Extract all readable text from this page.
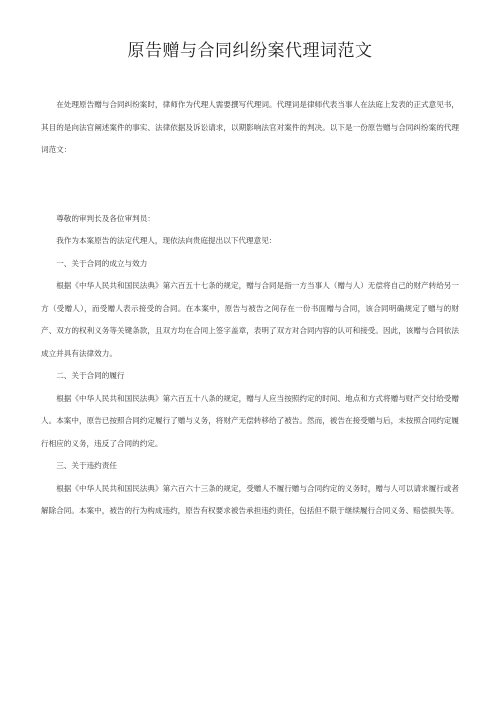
原告赠与合同纠纷案代理词范文

在处理原告赠与合同纠纷案时，律师作为代理人需要撰写代理词。代理词是律师代表当事人在法庭上发表的正式意见书，其目的是向法官阐述案件的事实、法律依据及诉讼请求，以期影响法官对案件的判决。以下是一份原告赠与合同纠纷案的代理词范文：

尊敬的审判长及各位审判员：

我作为本案原告的法定代理人，现依法向贵庭提出以下代理意见：

一、关于合同的成立与效力

根据《中华人民共和国民法典》第六百五十七条的规定，赠与合同是指一方当事人（赠与人）无偿将自己的财产转给另一方（受赠人），而受赠人表示接受的合同。在本案中，原告与被告之间存在一份书面赠与合同，该合同明确规定了赠与的财产、双方的权利义务等关键条款，且双方均在合同上签字盖章，表明了双方对合同内容的认可和接受。因此，该赠与合同依法成立并具有法律效力。

二、关于合同的履行

根据《中华人民共和国民法典》第六百五十八条的规定，赠与人应当按照约定的时间、地点和方式将赠与财产交付给受赠人。本案中，原告已按照合同约定履行了赠与义务，将财产无偿转移给了被告。然而，被告在接受赠与后，未按照合同约定履行相应的义务，违反了合同的约定。

三、关于违约责任

根据《中华人民共和国民法典》第六百六十三条的规定，受赠人不履行赠与合同约定的义务时，赠与人可以请求履行或者解除合同。本案中，被告的行为构成违约，原告有权要求被告承担违约责任，包括但不限于继续履行合同义务、赔偿损失等。
